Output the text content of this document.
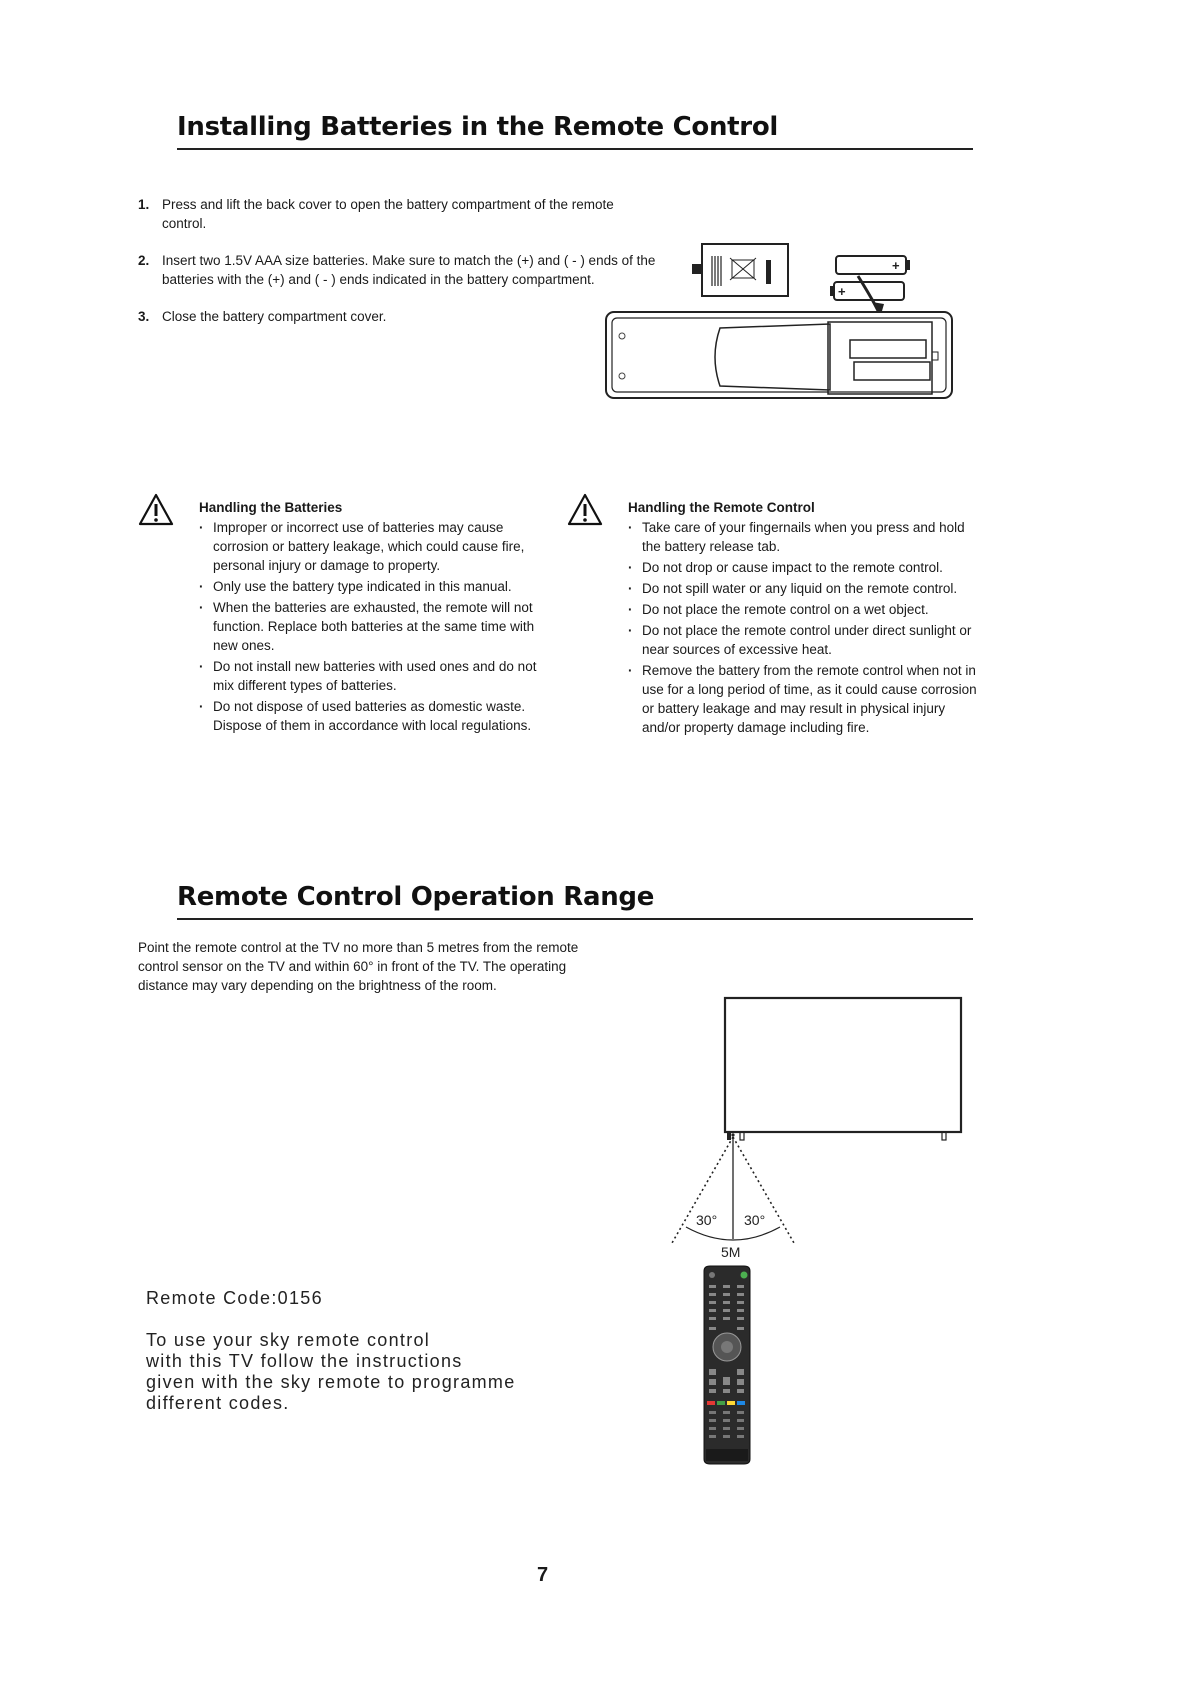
Installing Batteries in the Remote Control
1. Press and lift the back cover to open the battery compartment of the remote control.
2. Insert two 1.5V AAA size batteries. Make sure to match the (+) and ( - ) ends of the batteries with the (+) and ( - ) ends indicated in the battery compartment.
3. Close the battery compartment cover.
+
+
Handling the Batteries
· Improper or incorrect use of batteries may cause corrosion or battery leakage, which could cause fire, personal injury or damage to property.
· Only use the battery type indicated in this manual.
· When the batteries are exhausted, the remote will not function. Replace both batteries at the same time with new ones.
· Do not install new batteries with used ones and do not mix different types of batteries.
· Do not dispose of used batteries as domestic waste. Dispose of them in accordance with local regulations.
Handling the Remote Control
· Take care of your fingernails when you press and hold the battery release tab.
· Do not drop or cause impact to the remote control.
· Do not spill water or any liquid on the remote control.
· Do not place the remote control on a wet object.
· Do not place the remote control under direct sunlight or near sources of excessive heat.
· Remove the battery from the remote control when not in use for a long period of time, as it could cause corrosion or battery leakage and may result in physical injury and/or property damage including fire.
Remote Control Operation Range
Point the remote control at the TV no more than 5 metres from the remote control sensor on the TV and within 60° in front of the TV. The operating distance may vary depending on the brightness of the room.
30° 30°
5M
Remote Code:0156
To use your sky remote control
with this TV follow the instructions
given with the sky remote to programme
different codes.
7
